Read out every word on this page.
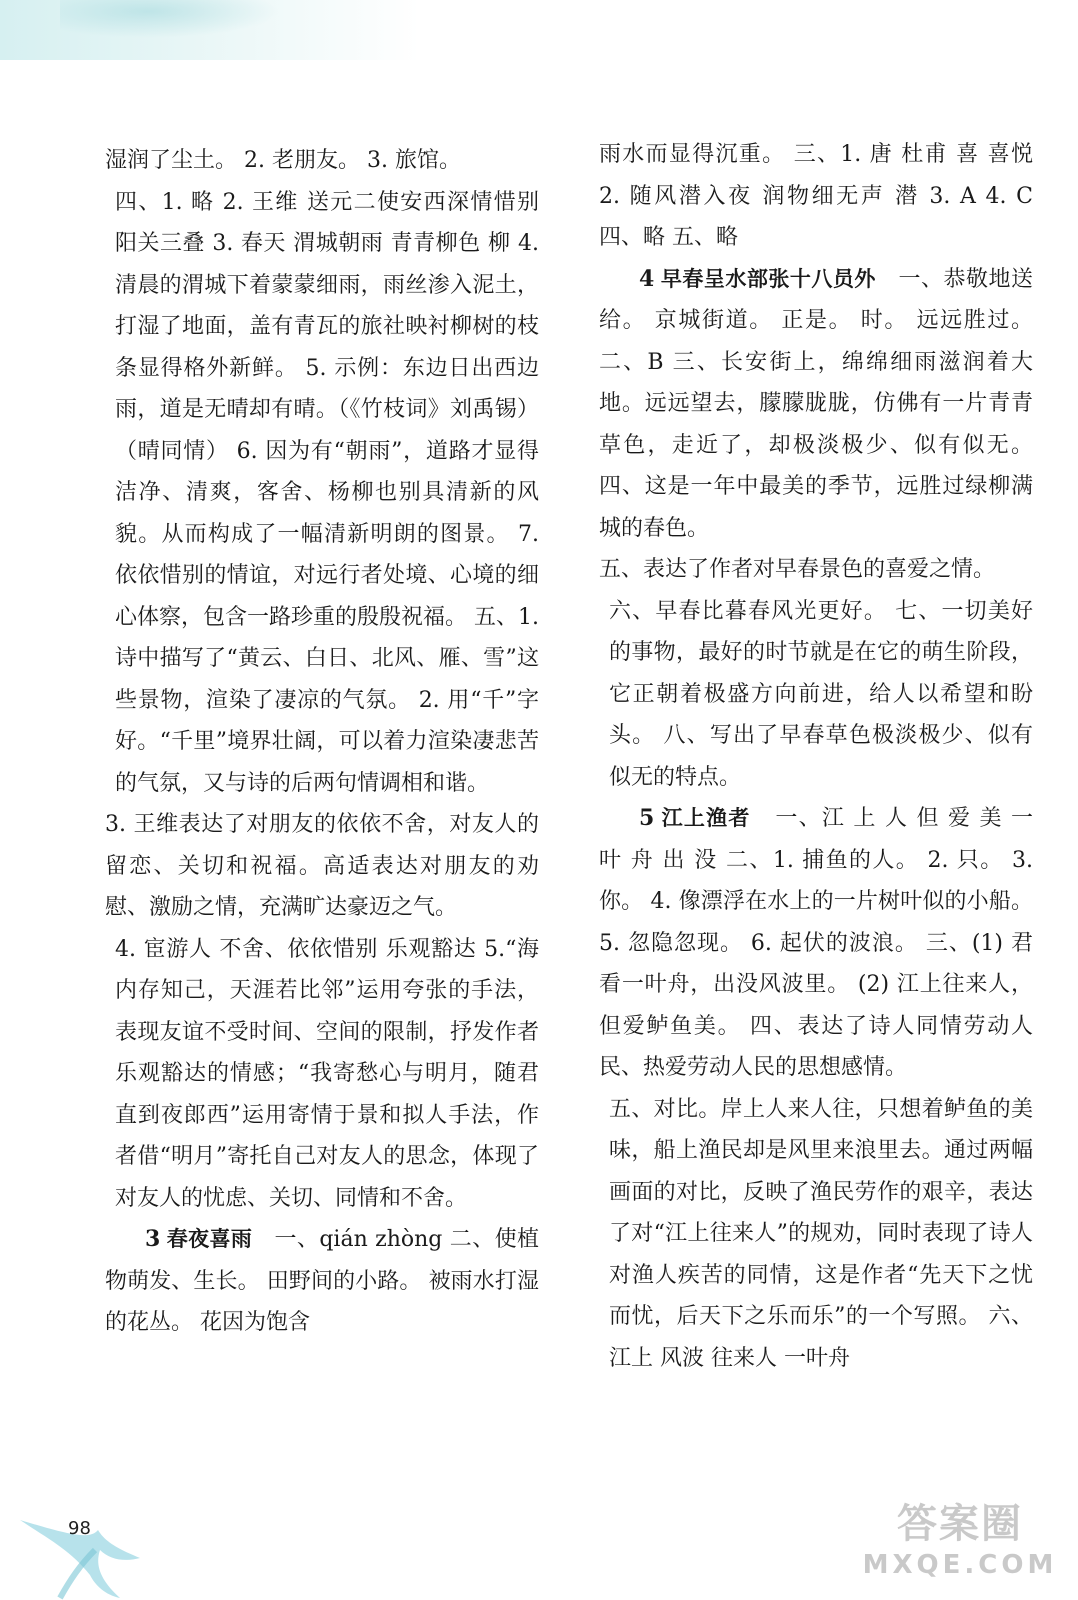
湿润了尘土。 2. 老朋友。 3. 旅馆。

四、1. 略 2. 王维 送元二使安西深情惜别 阳关三叠 3. 春天 渭城朝雨 青青柳色 柳 4. 清晨的渭城下着蒙蒙细雨，雨丝渗入泥土，打湿了地面，盖有青瓦的旅社映衬柳树的枝条显得格外新鲜。 5. 示例：东边日出西边雨，道是无晴却有晴。（《竹枝词》刘禹锡）（晴同情） 6. 因为有“朝雨”，道路才显得洁净、清爽，客舍、杨柳也别具清新的风貌。从而构成了一幅清新明朗的图景。 7. 依依惜别的情谊，对远行者处境、心境的细心体察，包含一路珍重的殷殷祝福。 五、1. 诗中描写了“黄云、白日、北风、雁、雪”这些景物，渲染了凄凉的气氛。 2. 用“千”字好。“千里”境界壮阔，可以着力渲染凄悲苦的气氛，又与诗的后两句情调相和谐。

3. 王维表达了对朋友的依依不舍，对友人的留恋、关切和祝福。高适表达对朋友的劝慰、激励之情，充满旷达豪迈之气。

4. 宦游人 不舍、依依惜别 乐观豁达 5.“海内存知己，天涯若比邻”运用夸张的手法，表现友谊不受时间、空间的限制，抒发作者乐观豁达的情感；“我寄愁心与明月，随君直到夜郎西”运用寄情于景和拟人手法，作者借“明月”寄托自己对友人的思念，体现了对友人的忧虑、关切、同情和不舍。

3 春夜喜雨 一、qián zhòng 二、使植物萌发、生长。 田野间的小路。 被雨水打湿的花丛。 花因为饱含

雨水而显得沉重。 三、1. 唐 杜甫 喜 喜悦 2. 随风潜入夜 润物细无声 潜 3. A 4. C 四、略 五、略

4 早春呈水部张十八员外 一、恭敬地送给。 京城街道。 正是。 时。 远远胜过。 二、B 三、长安街上，绵绵细雨滋润着大地。远远望去，朦朦胧胧，仿佛有一片青青草色，走近了，却极淡极少、似有似无。 四、这是一年中最美的季节，远胜过绿柳满城的春色。

五、表达了作者对早春景色的喜爱之情。

六、早春比暮春风光更好。 七、一切美好的事物，最好的时节就是在它的萌生阶段，它正朝着极盛方向前进，给人以希望和盼头。 八、写出了早春草色极淡极少、似有似无的特点。

5 江上渔者 一、江 上 人 但 爱 美 一 叶 舟 出 没 二、1. 捕鱼的人。 2. 只。 3. 你。 4. 像漂浮在水上的一片树叶似的小船。 5. 忽隐忽现。 6. 起伏的波浪。 三、(1) 君看一叶舟，出没风波里。 (2) 江上往来人，但爱鲈鱼美。 四、表达了诗人同情劳动人民、热爱劳动人民的思想感情。

五、对比。岸上人来人往，只想着鲈鱼的美味，船上渔民却是风里来浪里去。通过两幅画面的对比，反映了渔民劳作的艰辛，表达了对“江上往来人”的规劝，同时表现了诗人对渔人疾苦的同情，这是作者“先天下之忧而忧，后天下之乐而乐”的一个写照。 六、江上 风波 往来人 一叶舟

98	答案圈
MXQE.COM
